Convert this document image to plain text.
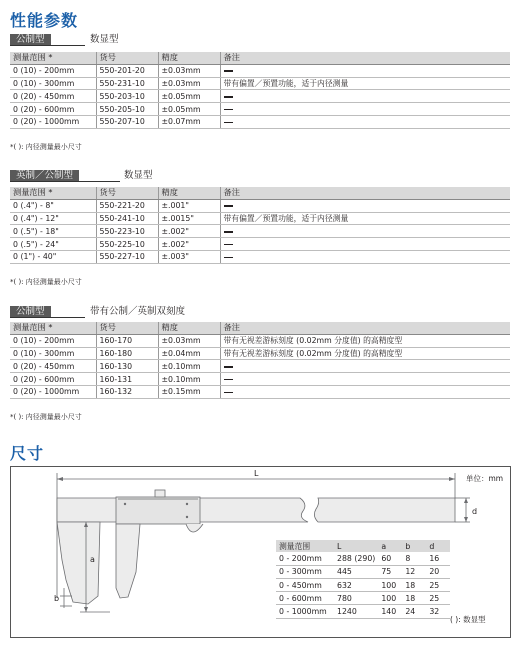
性能参数
公制型	数显型
测量范围 *	货号	精度	备注
0 (10) - 200mm	550-201-20	±0.03mm	
0 (10) - 300mm	550-231-10	±0.03mm	带有偏置／预置功能，适于内径测量
0 (20) - 450mm	550-203-10	±0.05mm	
0 (20) - 600mm	550-205-10	±0.05mm	
0 (20) - 1000mm	550-207-10	±0.07mm	
*( ): 内径测量最小尺寸
英制／公制型	数显型
测量范围 *	货号	精度	备注
0 (.4") - 8"	550-221-20	±.001"	
0 (.4") - 12"	550-241-10	±.0015"	带有偏置／预置功能，适于内径测量
0 (.5") - 18"	550-223-10	±.002"	
0 (.5") - 24"	550-225-10	±.002"	
0 (1") - 40"	550-227-10	±.003"	
*( ): 内径测量最小尺寸
公制型	带有公制／英制双刻度
测量范围 *	货号	精度	备注
0 (10) - 200mm	160-170	±0.03mm	带有无视差游标刻度 (0.02mm 分度值) 的高精度型
0 (10) - 300mm	160-180	±0.04mm	带有无视差游标刻度 (0.02mm 分度值) 的高精度型
0 (20) - 450mm	160-130	±0.10mm	
0 (20) - 600mm	160-131	±0.10mm	
0 (20) - 1000mm	160-132	±0.15mm	
*( ): 内径测量最小尺寸
尺寸
L
d
a
b
单位：mm
测量范围	L	a	b	d
0 - 200mm	288 (290)	60	8	16
0 - 300mm	445	75	12	20
0 - 450mm	632	100	18	25
0 - 600mm	780	100	18	25
0 - 1000mm	1240	140	24	32
( ): 数显型
